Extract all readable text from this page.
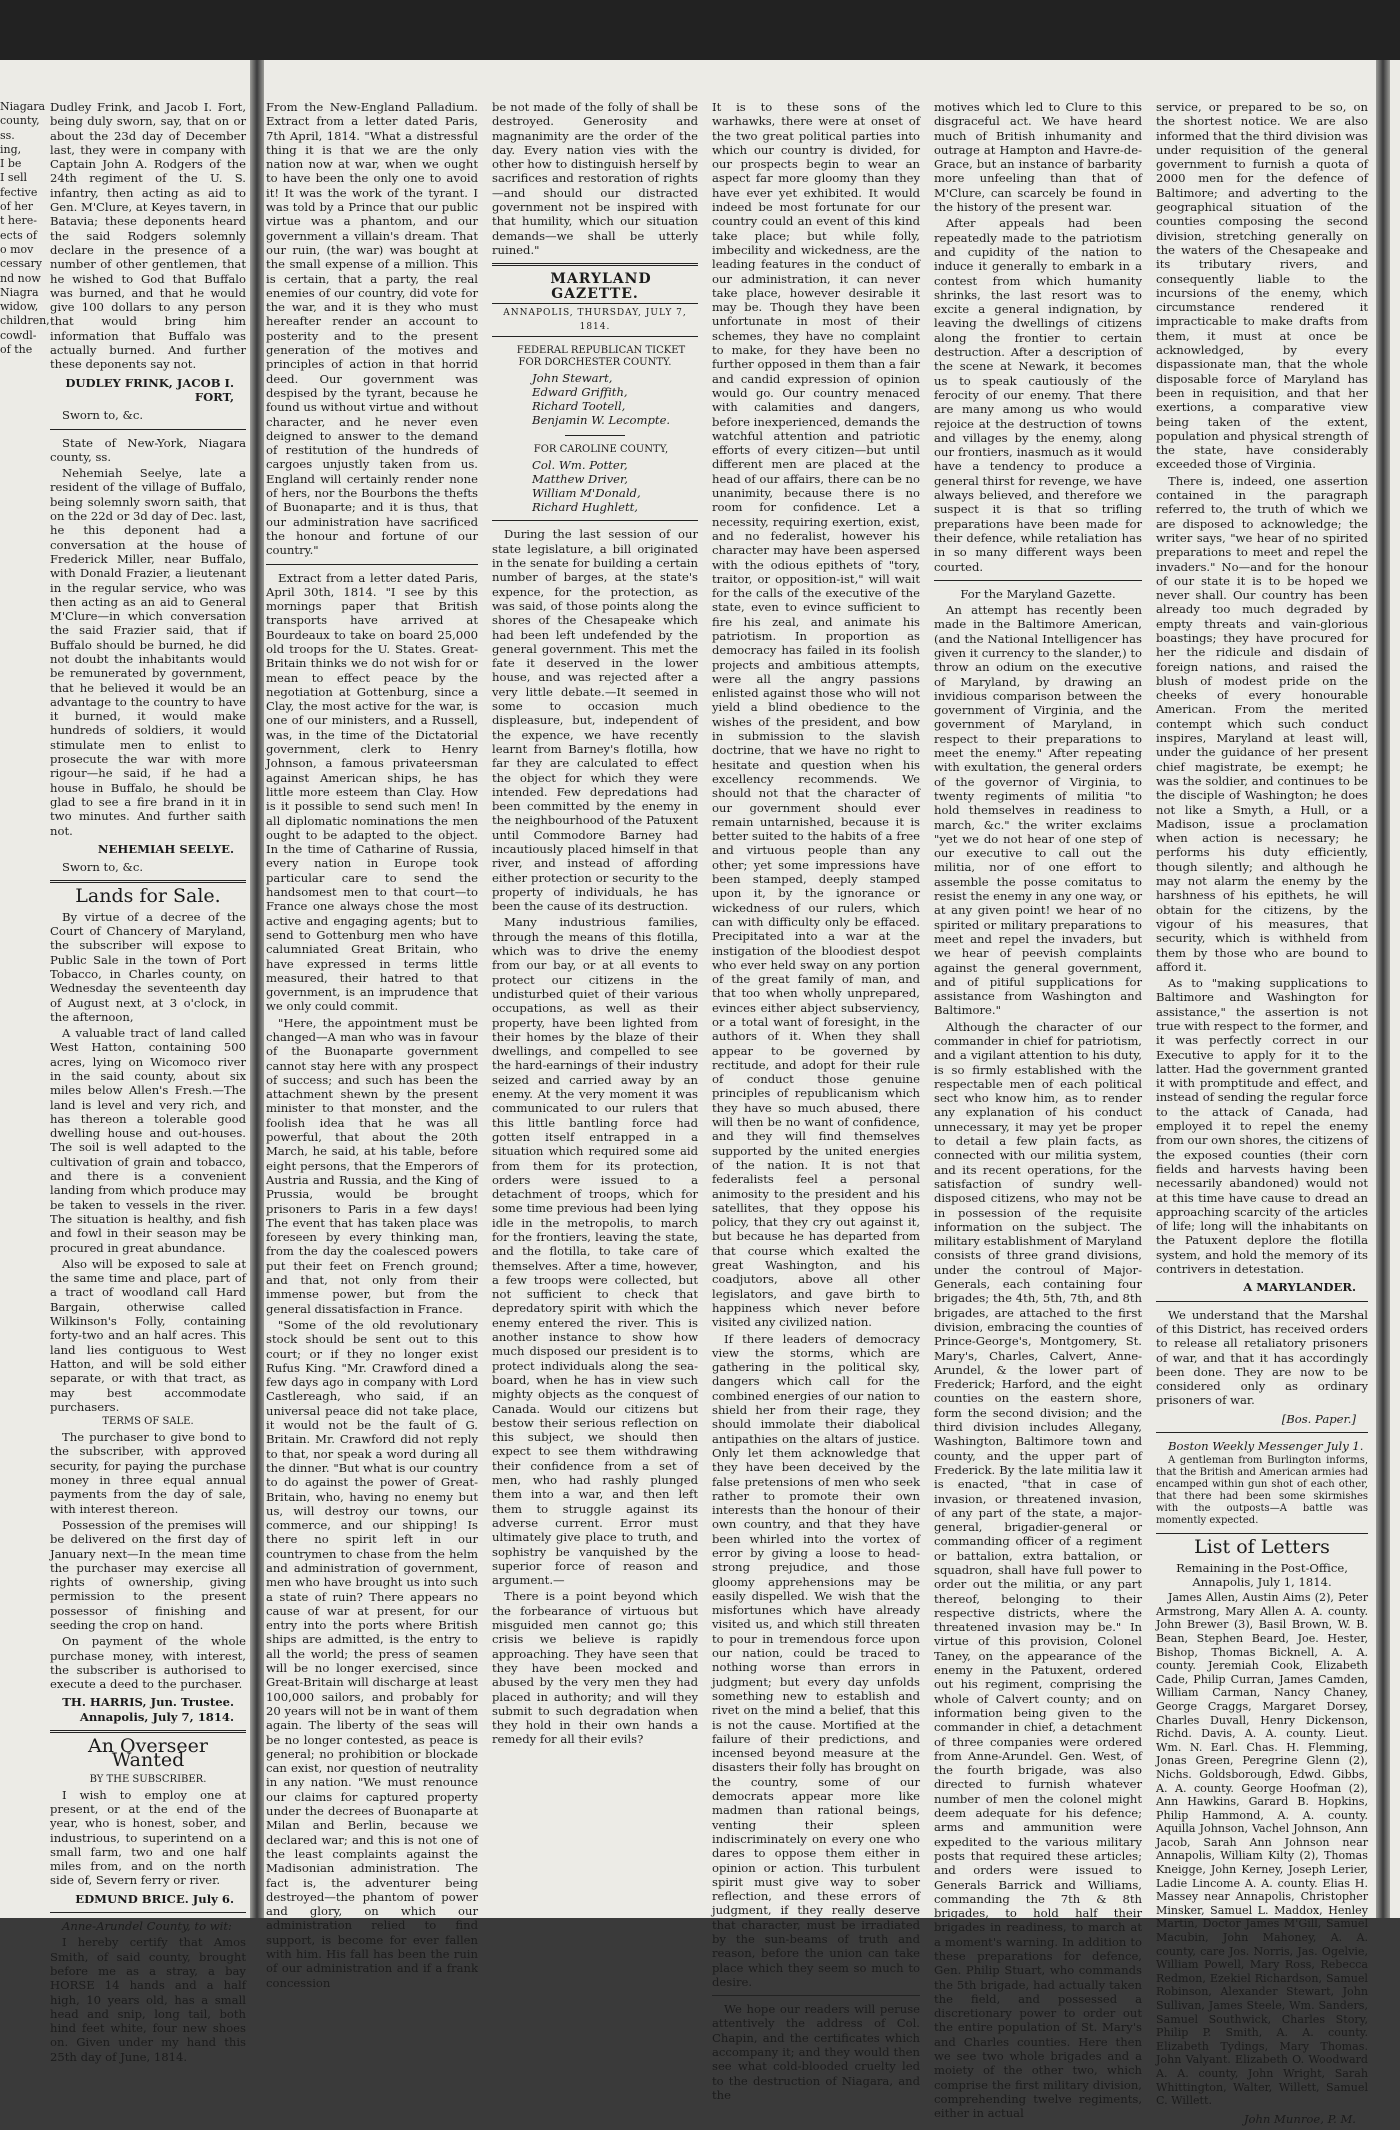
Niagara county, ss.
ing,
I be
I sell
fective
of her
t here-
ects of
o mov
cessary
nd now
Niagra
widow,
children,
cowdl-
of the

Dudley Frink, and Jacob I. Fort, being duly sworn, say, that on or about the 23d day of December last, they were in company with Captain John A. Rodgers of the 24th regiment of the U. S. infantry, then acting as aid to Gen. M'Clure, at Keyes tavern, in Batavia; these deponents heard the said Rodgers solemnly declare in the presence of a number of other gentlemen, that he wished to God that Buffalo was burned, and that he would give 100 dollars to any person that would bring him information that Buffalo was actually burned. And further these deponents say not.

DUDLEY FRINK, JACOB I. FORT,

Sworn to, &c.

State of New-York, Niagara county, ss.

Nehemiah Seelye, late a resident of the village of Buffalo, being solemnly sworn saith, that on the 22d or 3d day of Dec. last, he this deponent had a conversation at the house of Frederick Miller, near Buffalo, with Donald Frazier, a lieutenant in the regular service, who was then acting as an aid to General M'Clure—in which conversation the said Frazier said, that if Buffalo should be burned, he did not doubt the inhabitants would be remunerated by government, that he believed it would be an advantage to the country to have it burned, it would make hundreds of soldiers, it would stimulate men to enlist to prosecute the war with more rigour—he said, if he had a house in Buffalo, he should be glad to see a fire brand in it in two minutes. And further saith not.

NEHEMIAH SEELYE.

Sworn to, &c.

Lands for Sale.

By virtue of a decree of the Court of Chancery of Maryland, the subscriber will expose to Public Sale in the town of Port Tobacco, in Charles county, on Wednesday the seventeenth day of August next, at 3 o'clock, in the afternoon,

A valuable tract of land called West Hatton, containing 500 acres, lying on Wicomoco river in the said county, about six miles below Allen's Fresh.—The land is level and very rich, and has thereon a tolerable good dwelling house and out-houses. The soil is well adapted to the cultivation of grain and tobacco, and there is a convenient landing from which produce may be taken to vessels in the river. The situation is healthy, and fish and fowl in their season may be procured in great abundance.

Also will be exposed to sale at the same time and place, part of a tract of woodland call Hard Bargain, otherwise called Wilkinson's Folly, containing forty-two and an half acres. This land lies contiguous to West Hatton, and will be sold either separate, or with that tract, as may best accommodate purchasers.

TERMS OF SALE.

The purchaser to give bond to the subscriber, with approved security, for paying the purchase money in three equal annual payments from the day of sale, with interest thereon.

Possession of the premises will be delivered on the first day of January next—In the mean time the purchaser may exercise all rights of ownership, giving permission to the present possessor of finishing and seeding the crop on hand.

On payment of the whole purchase money, with interest, the subscriber is authorised to execute a deed to the purchaser.

TH. HARRIS, Jun. Trustee. Annapolis, July 7, 1814.

An Overseer Wanted

BY THE SUBSCRIBER.

I wish to employ one at present, or at the end of the year, who is honest, sober, and industrious, to superintend on a small farm, two and one half miles from, and on the north side of, Severn ferry or river.

EDMUND BRICE. July 6.

Anne-Arundel County, to wit:

I hereby certify that Amos Smith, of said county, brought before me as a stray, a bay HORSE 14 hands and a half high, 10 years old, has a small head and snip, long tail, both hind feet white, four new shoes on. Given under my hand this 25th day of June, 1814.

From the New-England Palladium. Extract from a letter dated Paris, 7th April, 1814. "What a distressful thing it is that we are the only nation now at war, when we ought to have been the only one to avoid it! It was the work of the tyrant. I was told by a Prince that our public virtue was a phantom, and our government a villain's dream. That our ruin, (the war) was bought at the small expense of a million. This is certain, that a party, the real enemies of our country, did vote for the war, and it is they who must hereafter render an account to posterity and to the present generation of the motives and principles of action in that horrid deed. Our government was despised by the tyrant, because he found us without virtue and without character, and he never even deigned to answer to the demand of restitution of the hundreds of cargoes unjustly taken from us. England will certainly render none of hers, nor the Bourbons the thefts of Buonaparte; and it is thus, that our administration have sacrificed the honour and fortune of our country."

Extract from a letter dated Paris, April 30th, 1814. "I see by this mornings paper that British transports have arrived at Bourdeaux to take on board 25,000 old troops for the U. States. Great-Britain thinks we do not wish for or mean to effect peace by the negotiation at Gottenburg, since a Clay, the most active for the war, is one of our ministers, and a Russell, was, in the time of the Dictatorial government, clerk to Henry Johnson, a famous privateersman against American ships, he has little more esteem than Clay. How is it possible to send such men! In all diplomatic nominations the men ought to be adapted to the object. In the time of Catharine of Russia, every nation in Europe took particular care to send the handsomest men to that court—to France one always chose the most active and engaging agents; but to send to Gottenburg men who have calumniated Great Britain, who have expressed in terms little measured, their hatred to that government, is an imprudence that we only could commit.

"Here, the appointment must be changed—A man who was in favour of the Buonaparte government cannot stay here with any prospect of success; and such has been the attachment shewn by the present minister to that monster, and the foolish idea that he was all powerful, that about the 20th March, he said, at his table, before eight persons, that the Emperors of Austria and Russia, and the King of Prussia, would be brought prisoners to Paris in a few days! The event that has taken place was foreseen by every thinking man, from the day the coalesced powers put their feet on French ground; and that, not only from their immense power, but from the general dissatisfaction in France.

"Some of the old revolutionary stock should be sent out to this court; or if they no longer exist Rufus King. "Mr. Crawford dined a few days ago in company with Lord Castlereagh, who said, if an universal peace did not take place, it would not be the fault of G. Britain. Mr. Crawford did not reply to that, nor speak a word during all the dinner. "But what is our country to do against the power of Great-Britain, who, having no enemy but us, will destroy our towns, our commerce, and our shipping! Is there no spirit left in our countrymen to chase from the helm and administration of government, men who have brought us into such a state of ruin? There appears no cause of war at present, for our entry into the ports where British ships are admitted, is the entry to all the world; the press of seamen will be no longer exercised, since Great-Britain will discharge at least 100,000 sailors, and probably for 20 years will not be in want of them again. The liberty of the seas will be no longer contested, as peace is general; no prohibition or blockade can exist, nor question of neutrality in any nation. "We must renounce our claims for captured property under the decrees of Buonaparte at Milan and Berlin, because we declared war; and this is not one of the least complaints against the Madisonian administration. The fact is, the adventurer being destroyed—the phantom of power and glory, on which our administration relied to find support, is become for ever fallen with him. His fall has been the ruin of our administration and if a frank concession

be not made of the folly of shall be destroyed. Generosity and magnanimity are the order of the day. Every nation vies with the other how to distinguish herself by sacrifices and restoration of rights—and should our distracted government not be inspired with that humility, which our situation demands—we shall be utterly ruined."

MARYLAND GAZETTE.

ANNAPOLIS, THURSDAY, JULY 7, 1814.

FEDERAL REPUBLICAN TICKET FOR DORCHESTER COUNTY.

John Stewart,
Edward Griffith,
Richard Tootell,
Benjamin W. Lecompte.

FOR CAROLINE COUNTY,

Col. Wm. Potter,
Matthew Driver,
William M'Donald,
Richard Hughlett,

During the last session of our state legislature, a bill originated in the senate for building a certain number of barges, at the state's expence, for the protection, as was said, of those points along the shores of the Chesapeake which had been left undefended by the general government. This met the fate it deserved in the lower house, and was rejected after a very little debate.—It seemed in some to occasion much displeasure, but, independent of the expence, we have recently learnt from Barney's flotilla, how far they are calculated to effect the object for which they were intended. Few depredations had been committed by the enemy in the neighbourhood of the Patuxent until Commodore Barney had incautiously placed himself in that river, and instead of affording either protection or security to the property of individuals, he has been the cause of its destruction.

Many industrious families, through the means of this flotilla, which was to drive the enemy from our bay, or at all events to protect our citizens in the undisturbed quiet of their various occupations, as well as their property, have been lighted from their homes by the blaze of their dwellings, and compelled to see the hard-earnings of their industry seized and carried away by an enemy. At the very moment it was communicated to our rulers that this little bantling force had gotten itself entrapped in a situation which required some aid from them for its protection, orders were issued to a detachment of troops, which for some time previous had been lying idle in the metropolis, to march for the frontiers, leaving the state, and the flotilla, to take care of themselves. After a time, however, a few troops were collected, but not sufficient to check that depredatory spirit with which the enemy entered the river. This is another instance to show how much disposed our president is to protect individuals along the sea-board, when he has in view such mighty objects as the conquest of Canada. Would our citizens but bestow their serious reflection on this subject, we should then expect to see them withdrawing their confidence from a set of men, who had rashly plunged them into a war, and then left them to struggle against its adverse current. Error must ultimately give place to truth, and sophistry be vanquished by the superior force of reason and argument.—

There is a point beyond which the forbearance of virtuous but misguided men cannot go; this crisis we believe is rapidly approaching. They have seen that they have been mocked and abused by the very men they had placed in authority; and will they submit to such degradation when they hold in their own hands a remedy for all their evils?

It is to these sons of the warhawks, there were at onset of the two great political parties into which our country is divided, for our prospects begin to wear an aspect far more gloomy than they have ever yet exhibited. It would indeed be most fortunate for our country could an event of this kind take place; but while folly, imbecility and wickedness, are the leading features in the conduct of our administration, it can never take place, however desirable it may be. Though they have been unfortunate in most of their schemes, they have no complaint to make, for they have been no further opposed in them than a fair and candid expression of opinion would go. Our country menaced with calamities and dangers, before inexperienced, demands the watchful attention and patriotic efforts of every citizen—but until different men are placed at the head of our affairs, there can be no unanimity, because there is no room for confidence. Let a necessity, requiring exertion, exist, and no federalist, however his character may have been aspersed with the odious epithets of "tory, traitor, or opposition-ist," will wait for the calls of the executive of the state, even to evince sufficient to fire his zeal, and animate his patriotism. In proportion as democracy has failed in its foolish projects and ambitious attempts, were all the angry passions enlisted against those who will not yield a blind obedience to the wishes of the president, and bow in submission to the slavish doctrine, that we have no right to hesitate and question when his excellency recommends. We should not that the character of our government should ever remain untarnished, because it is better suited to the habits of a free and virtuous people than any other; yet some impressions have been stamped, deeply stamped upon it, by the ignorance or wickedness of our rulers, which can with difficulty only be effaced. Precipitated into a war at the instigation of the bloodiest despot who ever held sway on any portion of the great family of man, and that too when wholly unprepared, evinces either abject subserviency, or a total want of foresight, in the authors of it. When they shall appear to be governed by rectitude, and adopt for their rule of conduct those genuine principles of republicanism which they have so much abused, there will then be no want of confidence, and they will find themselves supported by the united energies of the nation. It is not that federalists feel a personal animosity to the president and his satellites, that they oppose his policy, that they cry out against it, but because he has departed from that course which exalted the great Washington, and his coadjutors, above all other legislators, and gave birth to happiness which never before visited any civilized nation.

If there leaders of democracy view the storms, which are gathering in the political sky, dangers which call for the combined energies of our nation to shield her from their rage, they should immolate their diabolical antipathies on the altars of justice. Only let them acknowledge that they have been deceived by the false pretensions of men who seek rather to promote their own interests than the honour of their own country, and that they have been whirled into the vortex of error by giving a loose to head-strong prejudice, and those gloomy apprehensions may be easily dispelled. We wish that the misfortunes which have already visited us, and which still threaten to pour in tremendous force upon our nation, could be traced to nothing worse than errors in judgment; but every day unfolds something new to establish and rivet on the mind a belief, that this is not the cause. Mortified at the failure of their predictions, and incensed beyond measure at the disasters their folly has brought on the country, some of our democrats appear more like madmen than rational beings, venting their spleen indiscriminately on every one who dares to oppose them either in opinion or action. This turbulent spirit must give way to sober reflection, and these errors of judgment, if they really deserve that character, must be irradiated by the sun-beams of truth and reason, before the union can take place which they seem so much to desire.

We hope our readers will peruse attentively the address of Col. Chapin, and the certificates which accompany it; and they would then see what cold-blooded cruelty led to the destruction of Niagara, and the

motives which led to Clure to this disgraceful act. We have heard much of British inhumanity and outrage at Hampton and Havre-de-Grace, but an instance of barbarity more unfeeling than that of M'Clure, can scarcely be found in the history of the present war.

After appeals had been repeatedly made to the patriotism and cupidity of the nation to induce it generally to embark in a contest from which humanity shrinks, the last resort was to excite a general indignation, by leaving the dwellings of citizens along the frontier to certain destruction. After a description of the scene at Newark, it becomes us to speak cautiously of the ferocity of our enemy. That there are many among us who would rejoice at the destruction of towns and villages by the enemy, along our frontiers, inasmuch as it would have a tendency to produce a general thirst for revenge, we have always believed, and therefore we suspect it is that so trifling preparations have been made for their defence, while retaliation has in so many different ways been courted.

For the Maryland Gazette.

An attempt has recently been made in the Baltimore American, (and the National Intelligencer has given it currency to the slander,) to throw an odium on the executive of Maryland, by drawing an invidious comparison between the government of Virginia, and the government of Maryland, in respect to their preparations to meet the enemy." After repeating with exultation, the general orders of the governor of Virginia, to twenty regiments of militia "to hold themselves in readiness to march, &c." the writer exclaims "yet we do not hear of one step of our executive to call out the militia, nor of one effort to assemble the posse comitatus to resist the enemy in any one way, or at any given point! we hear of no spirited or military preparations to meet and repel the invaders, but we hear of peevish complaints against the general government, and of pitiful supplications for assistance from Washington and Baltimore."

Although the character of our commander in chief for patriotism, and a vigilant attention to his duty, is so firmly established with the respectable men of each political sect who know him, as to render any explanation of his conduct unnecessary, it may yet be proper to detail a few plain facts, as connected with our militia system, and its recent operations, for the satisfaction of sundry well-disposed citizens, who may not be in possession of the requisite information on the subject. The military establishment of Maryland consists of three grand divisions, under the controul of Major-Generals, each containing four brigades; the 4th, 5th, 7th, and 8th brigades, are attached to the first division, embracing the counties of Prince-George's, Montgomery, St. Mary's, Charles, Calvert, Anne-Arundel, & the lower part of Frederick; Harford, and the eight counties on the eastern shore, form the second division; and the third division includes Allegany, Washington, Baltimore town and county, and the upper part of Frederick. By the late militia law it is enacted, "that in case of invasion, or threatened invasion, of any part of the state, a major-general, brigadier-general or commanding officer of a regiment or battalion, extra battalion, or squadron, shall have full power to order out the militia, or any part thereof, belonging to their respective districts, where the threatened invasion may be." In virtue of this provision, Colonel Taney, on the appearance of the enemy in the Patuxent, ordered out his regiment, comprising the whole of Calvert county; and on information being given to the commander in chief, a detachment of three companies were ordered from Anne-Arundel. Gen. West, of the fourth brigade, was also directed to furnish whatever number of men the colonel might deem adequate for his defence; arms and ammunition were expedited to the various military posts that required these articles; and orders were issued to Generals Barrick and Williams, commanding the 7th & 8th brigades, to hold half their brigades in readiness, to march at a moment's warning. In addition to these preparations for defence, Gen. Philip Stuart, who commands the 5th brigade, had actually taken the field, and possessed a discretionary power to order out the entire population of St. Mary's and Charles counties. Here then we see two whole brigades and a moiety of the other two, which comprise the first military division, comprehending twelve regiments, either in actual

service, or prepared to be so, on the shortest notice. We are also informed that the third division was under requisition of the general government to furnish a quota of 2000 men for the defence of Baltimore; and adverting to the geographical situation of the counties composing the second division, stretching generally on the waters of the Chesapeake and its tributary rivers, and consequently liable to the incursions of the enemy, which circumstance rendered it impracticable to make drafts from them, it must at once be acknowledged, by every dispassionate man, that the whole disposable force of Maryland has been in requisition, and that her exertions, a comparative view being taken of the extent, population and physical strength of the state, have considerably exceeded those of Virginia.

There is, indeed, one assertion contained in the paragraph referred to, the truth of which we are disposed to acknowledge; the writer says, "we hear of no spirited preparations to meet and repel the invaders." No—and for the honour of our state it is to be hoped we never shall. Our country has been already too much degraded by empty threats and vain-glorious boastings; they have procured for her the ridicule and disdain of foreign nations, and raised the blush of modest pride on the cheeks of every honourable American. From the merited contempt which such conduct inspires, Maryland at least will, under the guidance of her present chief magistrate, be exempt; he was the soldier, and continues to be the disciple of Washington; he does not like a Smyth, a Hull, or a Madison, issue a proclamation when action is necessary; he performs his duty efficiently, though silently; and although he may not alarm the enemy by the harshness of his epithets, he will obtain for the citizens, by the vigour of his measures, that security, which is withheld from them by those who are bound to afford it.

As to "making supplications to Baltimore and Washington for assistance," the assertion is not true with respect to the former, and it was perfectly correct in our Executive to apply for it to the latter. Had the government granted it with promptitude and effect, and instead of sending the regular force to the attack of Canada, had employed it to repel the enemy from our own shores, the citizens of the exposed counties (their corn fields and harvests having been necessarily abandoned) would not at this time have cause to dread an approaching scarcity of the articles of life; long will the inhabitants on the Patuxent deplore the flotilla system, and hold the memory of its contrivers in detestation.

A MARYLANDER.

We understand that the Marshal of this District, has received orders to release all retaliatory prisoners of war, and that it has accordingly been done. They are now to be considered only as ordinary prisoners of war.

[Bos. Paper.]

Boston Weekly Messenger July 1.

A gentleman from Burlington informs, that the British and American armies had encamped within gun shot of each other, that there had been some skirmishes with the outposts—A battle was momently expected.

List of Letters

Remaining in the Post-Office, Annapolis, July 1, 1814.

James Allen, Austin Aims (2), Peter Armstrong, Mary Allen A. A. county. John Brewer (3), Basil Brown, W. B. Bean, Stephen Beard, Joe. Hester, Bishop, Thomas Bicknell, A. A. county. Jeremiah Cook, Elizabeth Cade, Philip Curran, James Camden, William Carman, Nancy Chaney, George Craggs, Margaret Dorsey, Charles Duvall, Henry Dickenson, Richd. Davis, A. A. county. Lieut. Wm. N. Earl. Chas. H. Flemming, Jonas Green, Peregrine Glenn (2), Nichs. Goldsborough, Edwd. Gibbs, A. A. county. George Hoofman (2), Ann Hawkins, Garard B. Hopkins, Philip Hammond, A. A. county. Aquilla Johnson, Vachel Johnson, Ann Jacob, Sarah Ann Johnson near Annapolis, William Kilty (2), Thomas Kneigge, John Kerney, Joseph Lerier, Ladie Lincome A. A. county. Elias H. Massey near Annapolis, Christopher Minsker, Samuel L. Maddox, Henley Martin, Doctor James M'Gill, Samuel Macubin, John Mahoney, A. A. county, care Jos. Norris, Jas. Ogelvie, William Powell, Mary Ross, Rebecca Redmon, Ezekiel Richardson, Samuel Robinson, Alexander Stewart, John Sullivan, James Steele, Wm. Sanders, Samuel Southwick, Charles Story, Philip P. Smith, A. A. county. Elizabeth Tydings, Mary Thomas. John Valyant. Elizabeth O. Woodward A. A. county, John Wright, Sarah Whittington, Walter, Willett, Samuel C. Willett.

John Munroe, P. M.
